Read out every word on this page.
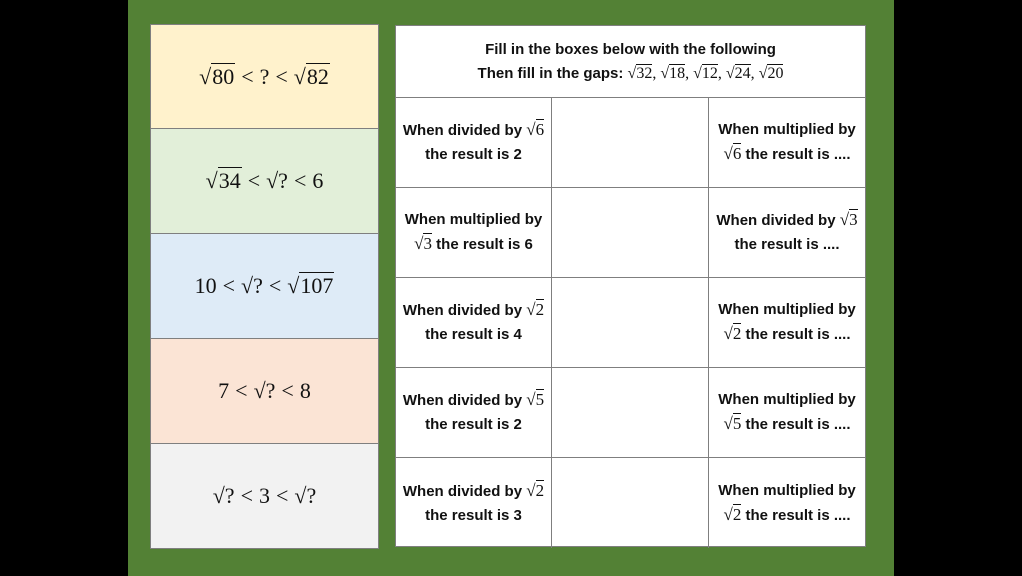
√80 < ? < √82
√34 < √? < 6
10 < √? < √107
7 < √? < 8
√? < 3 < √?
Fill in the boxes below with the following
Then fill in the gaps: √32, √18, √12, √24, √20
When divided by √6 the result is 2
When multiplied by √6 the result is ....
When multiplied by √3 the result is 6
When divided by √3 the result is ....
When divided by √2 the result is 4
When multiplied by √2 the result is ....
When divided by √5 the result is 2
When multiplied by √5 the result is ....
When divided by √2 the result is 3
When multiplied by √2 the result is ....
